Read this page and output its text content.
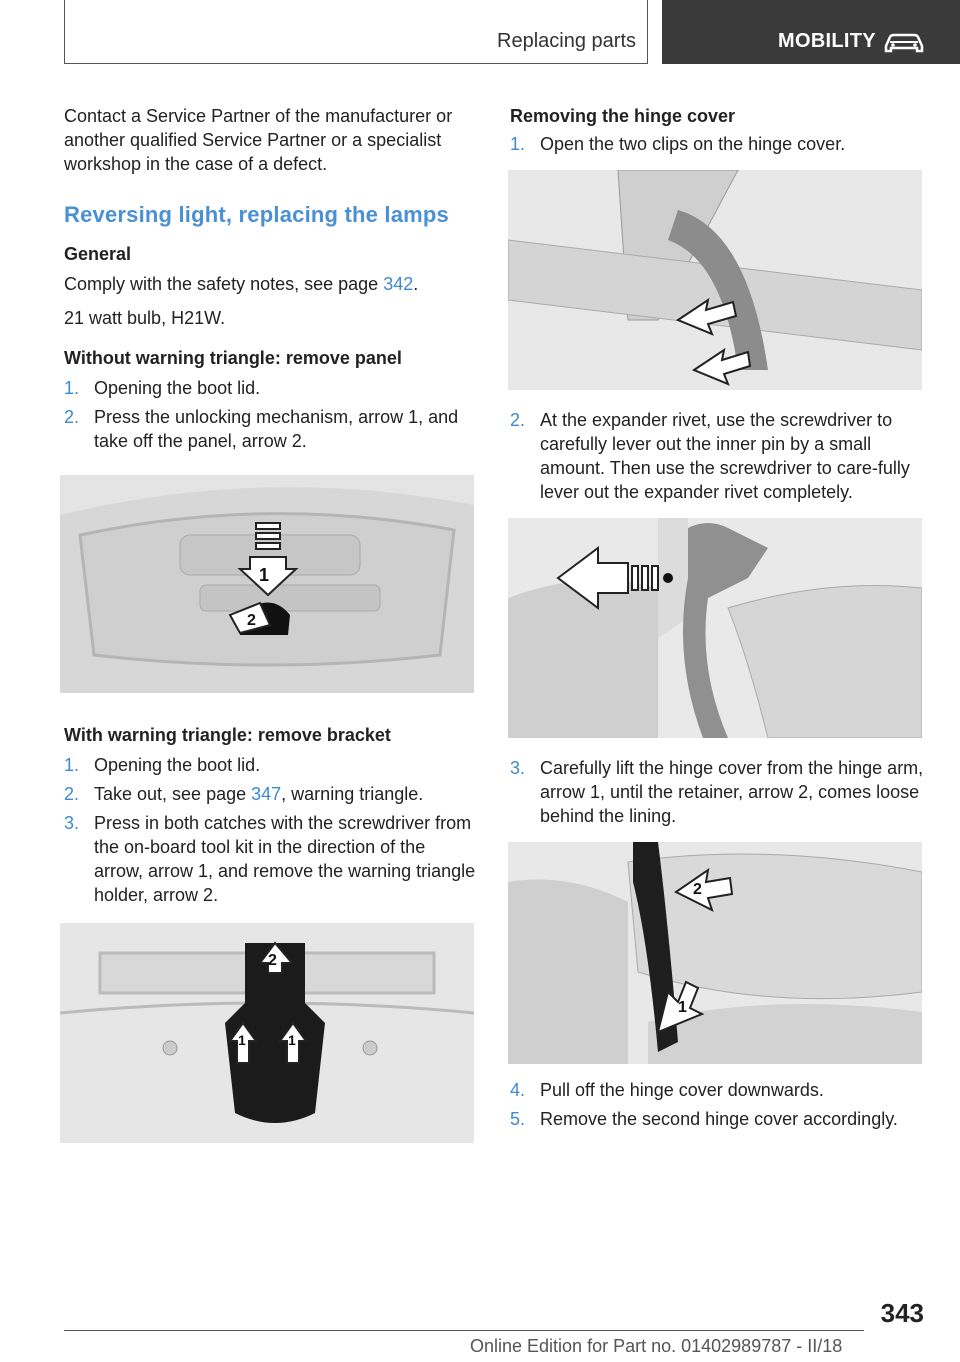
Replacing parts	MOBILITY

Contact a Service Partner of the manufacturer or another qualified Service Partner or a specialist workshop in the case of a defect.

Reversing light, replacing the lamps
General

Comply with the safety notes, see page 342.

21 watt bulb, H21W.

Without warning triangle: remove panel
1. Opening the boot lid.
2. Press the unlocking mechanism, arrow 1, and take off the panel, arrow 2.
1
2
With warning triangle: remove bracket
1. Opening the boot lid.
2. Take out, see page 347, warning triangle.
3. Press in both catches with the screwdriver from the on-board tool kit in the direction of the arrow, arrow 1, and remove the warning triangle holder, arrow 2.
2
1	1
Removing the hinge cover
1. Open the two clips on the hinge cover.
2. At the expander rivet, use the screwdriver to carefully lever out the inner pin by a small amount. Then use the screwdriver to care-fully lever out the expander rivet completely.
3. Carefully lift the hinge cover from the hinge arm, arrow 1, until the retainer, arrow 2, comes loose behind the lining.
2
1
4. Pull off the hinge cover downwards.
5. Remove the second hinge cover accordingly.
343
Online Edition for Part no. 01402989787 - II/18
